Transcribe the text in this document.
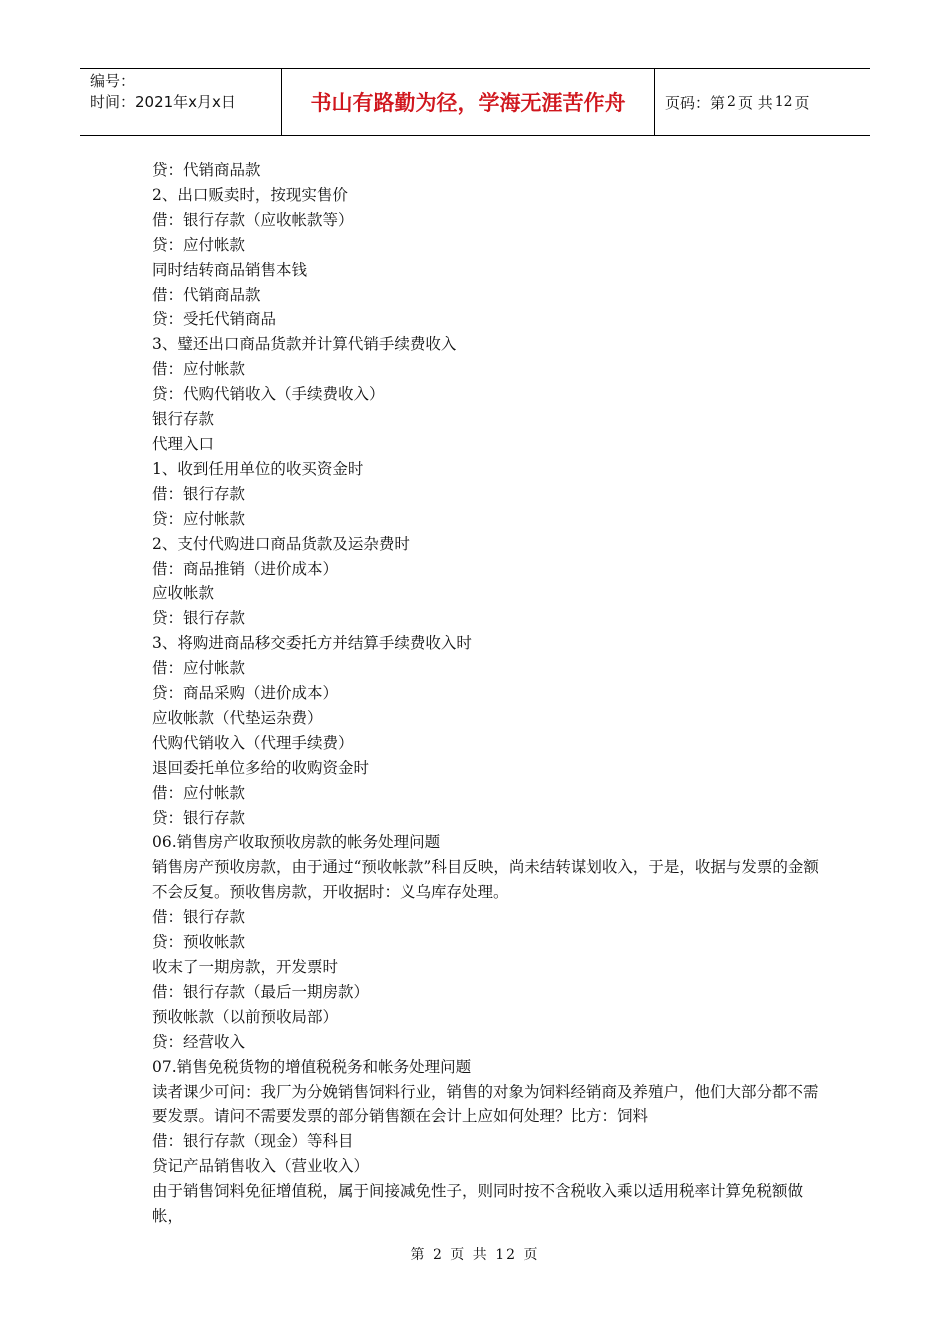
编号：
时间：2021年x月x日	书山有路勤为径，学海无涯苦作舟	页码：第 2 页 共 12 页

贷：代销商品款

2、出口贩卖时，按现实售价

借：银行存款（应收帐款等）

贷：应付帐款

同时结转商品销售本钱

借：代销商品款

贷：受托代销商品

3、璧还出口商品货款并计算代销手续费收入

借：应付帐款

贷：代购代销收入（手续费收入）

银行存款

代理入口

1、收到任用单位的收买资金时

借：银行存款

贷：应付帐款

2、支付代购进口商品货款及运杂费时

借：商品推销（进价成本）

应收帐款

贷：银行存款

3、将购进商品移交委托方并结算手续费收入时

借：应付帐款

贷：商品采购（进价成本）

应收帐款（代垫运杂费）

代购代销收入（代理手续费）

退回委托单位多给的收购资金时

借：应付帐款

贷：银行存款

06.销售房产收取预收房款的帐务处理问题

销售房产预收房款，由于通过“预收帐款”科目反映，尚未结转谋划收入，于是，收据与发票的金额不会反复。预收售房款，开收据时：义乌库存处理。

借：银行存款

贷：预收帐款

收末了一期房款，开发票时

借：银行存款（最后一期房款）

预收帐款（以前预收局部）

贷：经营收入

07.销售免税货物的增值税税务和帐务处理问题

读者课少可问：我厂为分娩销售饲料行业，销售的对象为饲料经销商及养殖户，他们大部分都不需要发票。请问不需要发票的部分销售额在会计上应如何处理？比方：饲料

借：银行存款（现金）等科目

贷记产品销售收入（营业收入）

由于销售饲料免征增值税，属于间接减免性子，则同时按不含税收入乘以适用税率计算免税额做帐，

第 2 页 共 12 页
